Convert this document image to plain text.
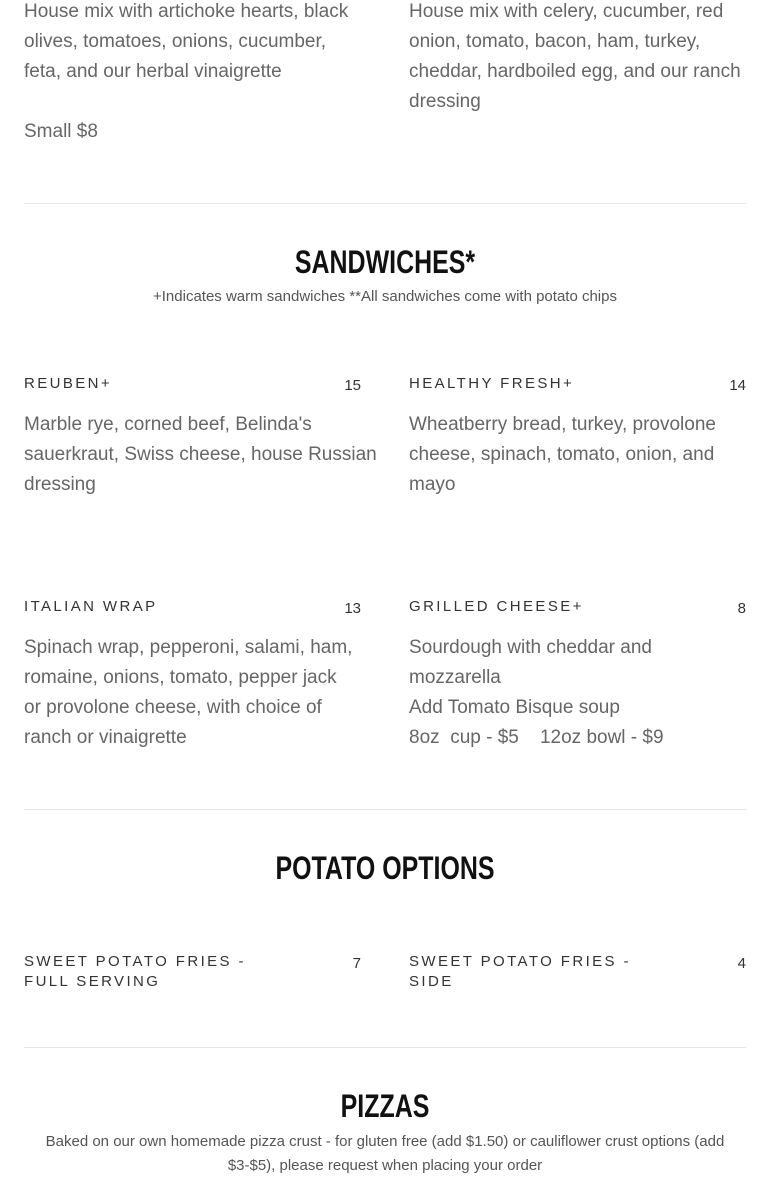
House mix with artichoke hearts, black
olives, tomatoes, onions, cucumber,
feta, and our herbal vinaigrette
Small $8
House mix with celery, cucumber, red
onion, tomato, bacon, ham, turkey,
cheddar, hardboiled egg, and our ranch
dressing
SANDWICHES*
+Indicates warm sandwiches **All sandwiches come with potato chips
REUBEN+	15
Marble rye, corned beef, Belinda's
sauerkraut, Swiss cheese, house Russian
dressing
HEALTHY FRESH+	14
Wheatberry bread, turkey, provolone
cheese, spinach, tomato, onion, and
mayo
ITALIAN WRAP	13
Spinach wrap, pepperoni, salami, ham,
romaine, onions, tomato, pepper jack
or provolone cheese, with choice of
ranch or vinaigrette
GRILLED CHEESE+	8
Sourdough with cheddar and
mozzarella
Add Tomato Bisque soup
8oz  cup - $5    12oz bowl - $9
POTATO OPTIONS
SWEET POTATO FRIES -
FULL SERVING
7	SWEET POTATO FRIES -
SIDE
4
PIZZAS
Baked on our own homemade pizza crust - for gluten free (add $1.50) or cauliflower crust options (add
$3-$5), please request when placing your order
